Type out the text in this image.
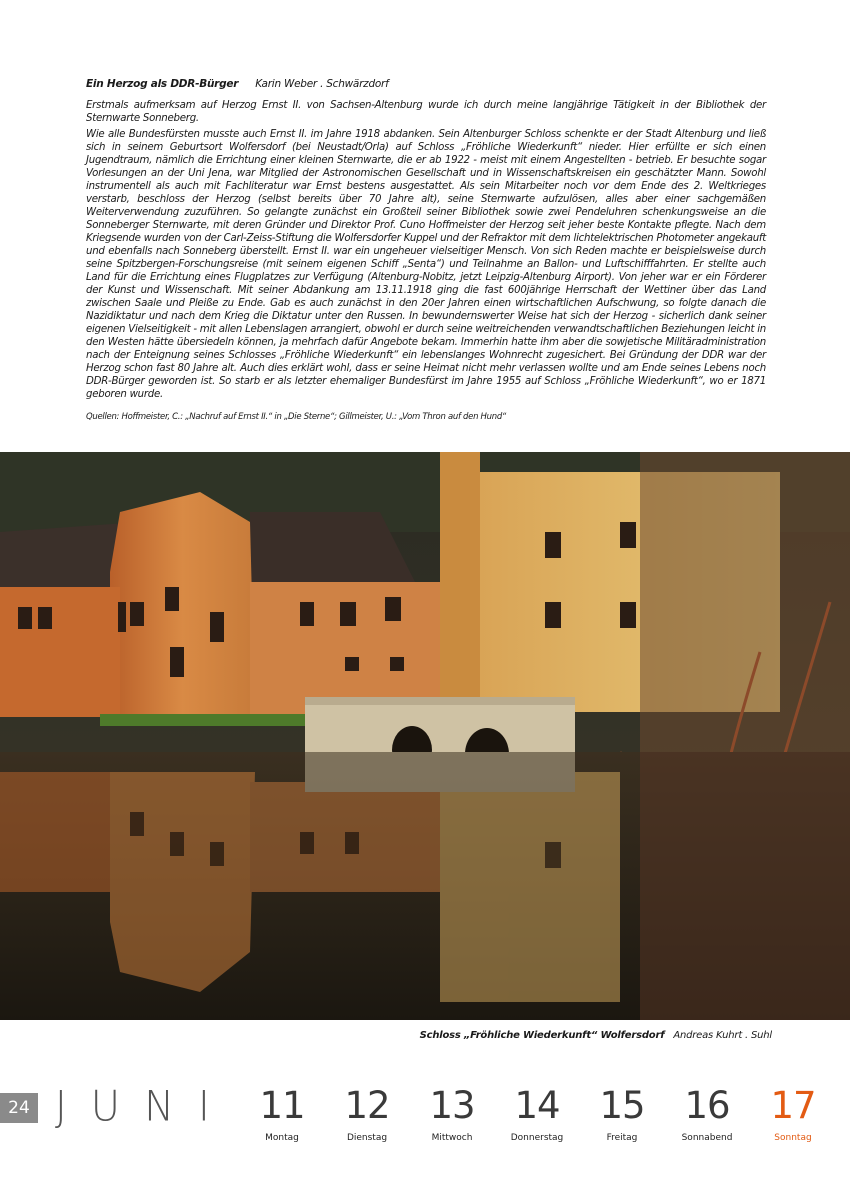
Ein Herzog als DDR-Bürger Karin Weber . Schwärzdorf

Erstmals aufmerksam auf Herzog Ernst II. von Sachsen-Altenburg wurde ich durch meine langjährige Tätigkeit in der Bibliothek der Sternwarte Sonneberg.

Wie alle Bundesfürsten musste auch Ernst II. im Jahre 1918 abdanken. Sein Altenburger Schloss schenkte er der Stadt Altenburg und ließ sich in seinem Geburtsort Wolfersdorf (bei Neustadt/Orla) auf Schloss „Fröhliche Wiederkunft“ nieder. Hier erfüllte er sich einen Jugendtraum, nämlich die Errichtung einer kleinen Sternwarte, die er ab 1922 - meist mit einem Angestellten - betrieb. Er besuchte sogar Vorlesungen an der Uni Jena, war Mitglied der Astronomischen Gesellschaft und in Wissenschaftskreisen ein geschätzter Mann. Sowohl instrumentell als auch mit Fachliteratur war Ernst bestens ausgestattet. Als sein Mitarbeiter noch vor dem Ende des 2. Weltkrieges verstarb, beschloss der Herzog (selbst bereits über 70 Jahre alt), seine Sternwarte aufzulösen, alles aber einer sachgemäßen Weiterverwendung zuzuführen. So gelangte zunächst ein Großteil seiner Bibliothek sowie zwei Pendeluhren schenkungsweise an die Sonneberger Sternwarte, mit deren Gründer und Direktor Prof. Cuno Hoffmeister der Herzog seit jeher beste Kontakte pflegte. Nach dem Kriegsende wurden von der Carl-Zeiss-Stiftung die Wolfersdorfer Kuppel und der Refraktor mit dem lichtelektrischen Photometer angekauft und ebenfalls nach Sonneberg überstellt. Ernst II. war ein ungeheuer vielseitiger Mensch. Von sich Reden machte er beispielsweise durch seine Spitzbergen-Forschungsreise (mit seinem eigenen Schiff „Senta“) und Teilnahme an Ballon- und Luftschifffahrten. Er stellte auch Land für die Errichtung eines Flugplatzes zur Verfügung (Altenburg-Nobitz, jetzt Leipzig-Altenburg Airport). Von jeher war er ein Förderer der Kunst und Wissenschaft. Mit seiner Abdankung am 13.11.1918 ging die fast 600jährige Herrschaft der Wettiner über das Land zwischen Saale und Pleiße zu Ende. Gab es auch zunächst in den 20er Jahren einen wirtschaftlichen Aufschwung, so folgte danach die Nazidiktatur und nach dem Krieg die Diktatur unter den Russen. In bewundernswerter Weise hat sich der Herzog - sicherlich dank seiner eigenen Vielseitigkeit - mit allen Lebenslagen arrangiert, obwohl er durch seine weitreichenden verwandtschaftlichen Beziehungen leicht in den Westen hätte übersiedeln können, ja mehrfach dafür Angebote bekam. Immerhin hatte ihm aber die sowjetische Militäradministration nach der Enteignung seines Schlosses „Fröhliche Wiederkunft“ ein lebenslanges Wohnrecht zugesichert. Bei Gründung der DDR war der Herzog schon fast 80 Jahre alt. Auch dies erklärt wohl, dass er seine Heimat nicht mehr verlassen wollte und am Ende seines Lebens noch DDR-Bürger geworden ist. So starb er als letzter ehemaliger Bundesfürst im Jahre 1955 auf Schloss „Fröhliche Wiederkunft“, wo er 1871 geboren wurde.

Quellen: Hoffmeister, C.: „Nachruf auf Ernst II.“ in „Die Sterne“; Gillmeister, U.: „Vom Thron auf den Hund“
Schloss „Fröhliche Wiederkunft“ Wolfersdorf Andreas Kuhrt . Suhl
24 JUNI 11
Montag
12
Dienstag
13
Mittwoch
14
Donnerstag
15
Freitag
16
Sonnabend
17
Sonntag
